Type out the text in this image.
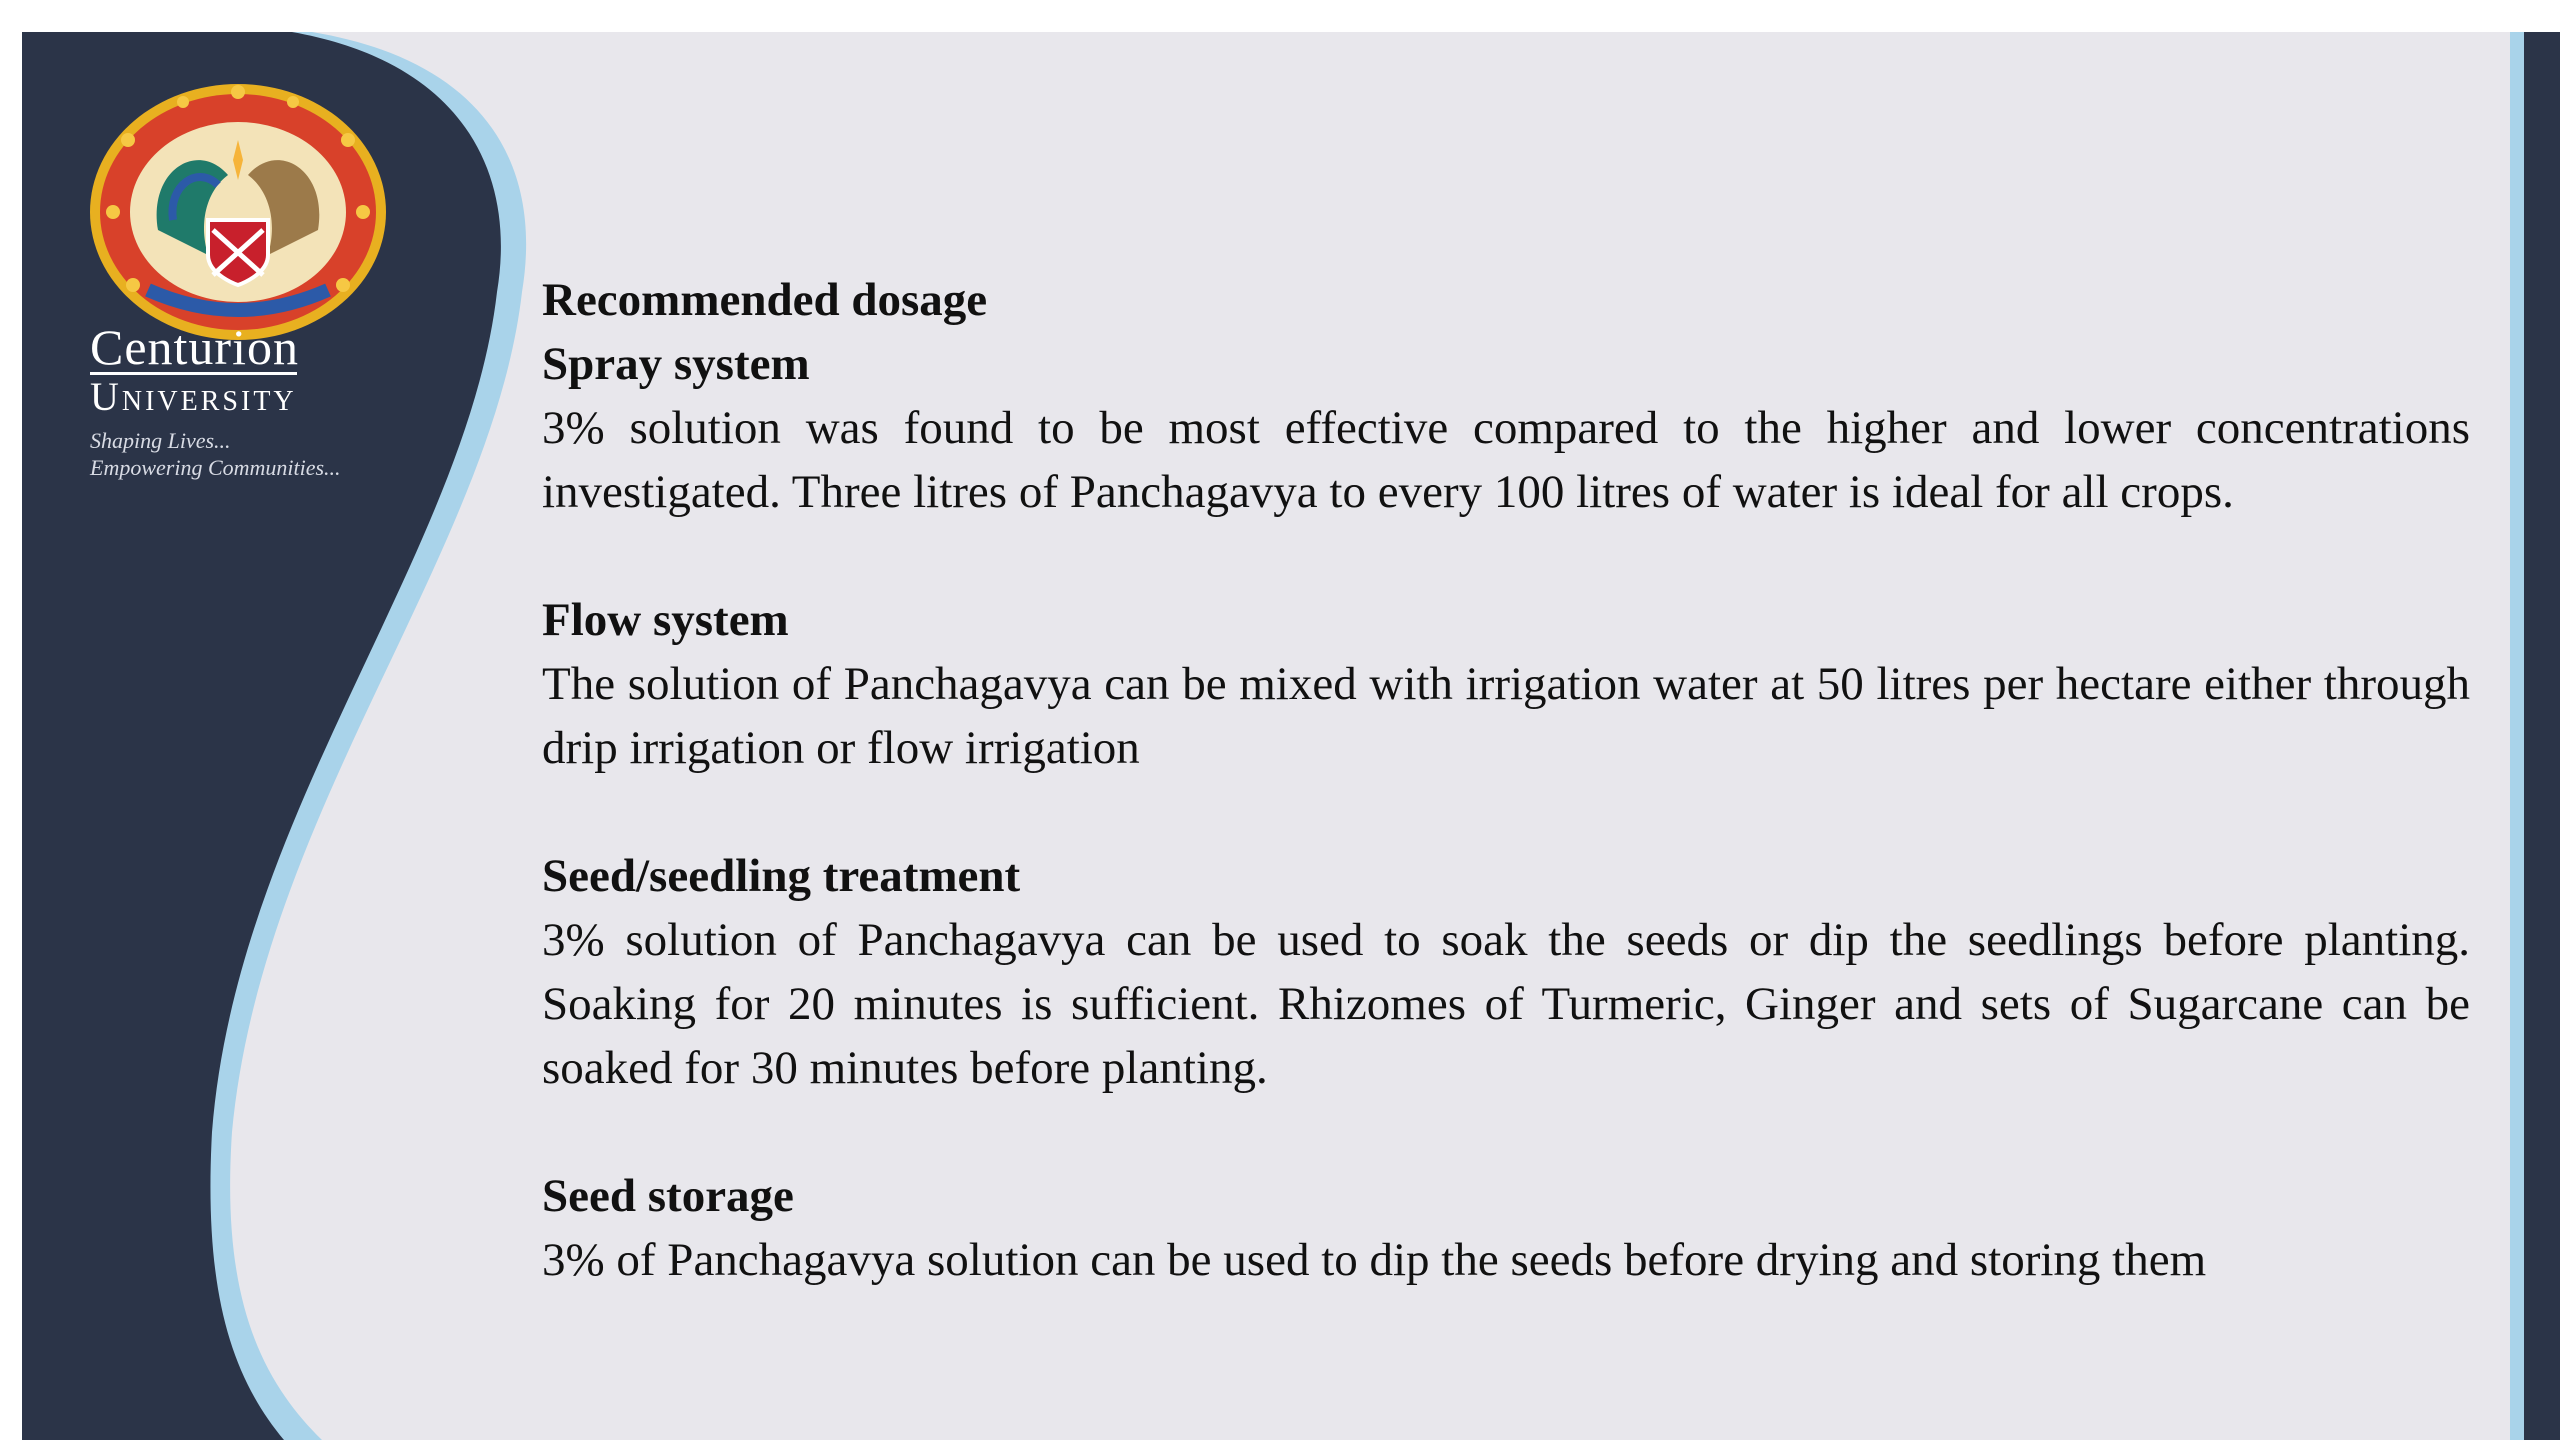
Centurion
University
Shaping Lives...
Empowering Communities...
Recommended dosage
Spray system

3% solution was found to be most effective compared to the higher and lower concentrations investigated. Three litres of Panchagavya to every 100 litres of water is ideal for all crops.

Flow system

The solution of Panchagavya can be mixed with irrigation water at 50 litres per hectare either through drip irrigation or flow irrigation

Seed/seedling treatment

3% solution of Panchagavya can be used to soak the seeds or dip the seedlings before planting. Soaking for 20 minutes is sufficient. Rhizomes of Turmeric, Ginger and sets of Sugarcane can be soaked for 30 minutes before planting.

Seed storage

3% of Panchagavya solution can be used to dip the seeds before drying and storing them
